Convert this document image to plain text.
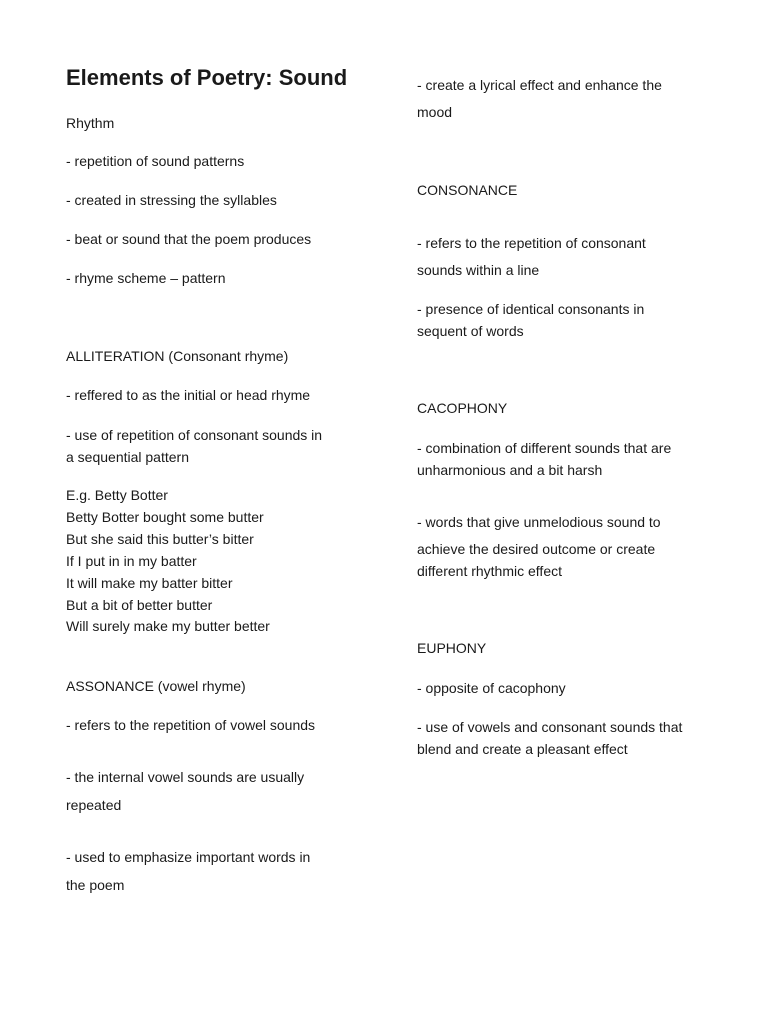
Elements of Poetry: Sound

Rhythm

- repetition of sound patterns

- created in stressing the syllables

- beat or sound that the poem produces

- rhyme scheme – pattern

ALLITERATION (Consonant rhyme)

- reffered to as the initial or head rhyme

- use of repetition of consonant sounds in

a sequential pattern

E.g. Betty Botter

Betty Botter bought some butter

But she said this butter’s bitter

If I put in in my batter

It will make my batter bitter

But a bit of better butter

Will surely make my butter better

ASSONANCE (vowel rhyme)

- refers to the repetition of vowel sounds

- the internal vowel sounds are usually

repeated

- used to emphasize important words in

the poem

- create a lyrical effect and enhance the

mood

CONSONANCE

- refers to the repetition of consonant

sounds within a line

- presence of identical consonants in

sequent of words

CACOPHONY

- combination of different sounds that are

unharmonious and a bit harsh

- words that give unmelodious sound to

achieve the desired outcome or create

different rhythmic effect

EUPHONY

- opposite of cacophony

- use of vowels and consonant sounds that

blend and create a pleasant effect
